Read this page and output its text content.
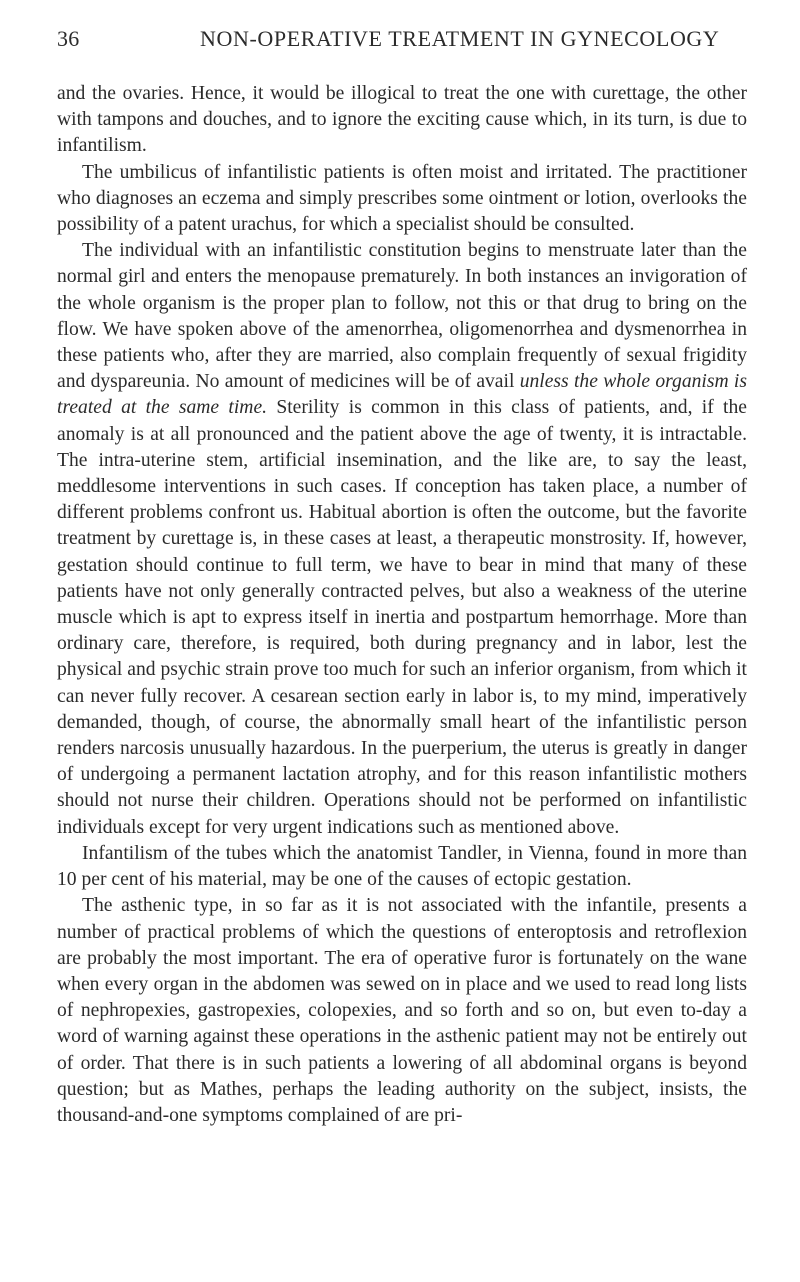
36	NON-OPERATIVE TREATMENT IN GYNECOLOGY

and the ovaries. Hence, it would be illogical to treat the one with curettage, the other with tampons and douches, and to ignore the exciting cause which, in its turn, is due to infantilism.

The umbilicus of infantilistic patients is often moist and irritated. The practitioner who diagnoses an eczema and simply prescribes some ointment or lotion, overlooks the possibility of a patent urachus, for which a specialist should be consulted.

The individual with an infantilistic constitution begins to menstruate later than the normal girl and enters the menopause prematurely. In both instances an invigoration of the whole organism is the proper plan to follow, not this or that drug to bring on the flow. We have spoken above of the amenorrhea, oligomenorrhea and dysmenorrhea in these patients who, after they are married, also complain frequently of sexual frigidity and dyspareunia. No amount of medicines will be of avail unless the whole organism is treated at the same time. Sterility is common in this class of patients, and, if the anomaly is at all pronounced and the patient above the age of twenty, it is intractable. The intra-uterine stem, artificial insemination, and the like are, to say the least, meddlesome interventions in such cases. If conception has taken place, a number of different problems confront us. Habitual abortion is often the outcome, but the favorite treatment by curettage is, in these cases at least, a therapeutic monstrosity. If, however, gestation should continue to full term, we have to bear in mind that many of these patients have not only generally contracted pelves, but also a weakness of the uterine muscle which is apt to express itself in inertia and postpartum hemorrhage. More than ordinary care, therefore, is required, both during pregnancy and in labor, lest the physical and psychic strain prove too much for such an inferior organism, from which it can never fully recover. A cesarean section early in labor is, to my mind, imperatively demanded, though, of course, the abnormally small heart of the infantilistic person renders narcosis unusually hazardous. In the puerperium, the uterus is greatly in danger of undergoing a permanent lactation atrophy, and for this reason infantilistic mothers should not nurse their children. Operations should not be performed on infantilistic individuals except for very urgent indications such as mentioned above.

Infantilism of the tubes which the anatomist Tandler, in Vienna, found in more than 10 per cent of his material, may be one of the causes of ectopic gestation.

The asthenic type, in so far as it is not associated with the infantile, presents a number of practical problems of which the questions of enteroptosis and retroflexion are probably the most important. The era of operative furor is fortunately on the wane when every organ in the abdomen was sewed on in place and we used to read long lists of nephropexies, gastropexies, colopexies, and so forth and so on, but even to-day a word of warning against these operations in the asthenic patient may not be entirely out of order. That there is in such patients a lowering of all abdominal organs is beyond question; but as Mathes, perhaps the leading authority on the subject, insists, the thousand-and-one symptoms complained of are pri-
